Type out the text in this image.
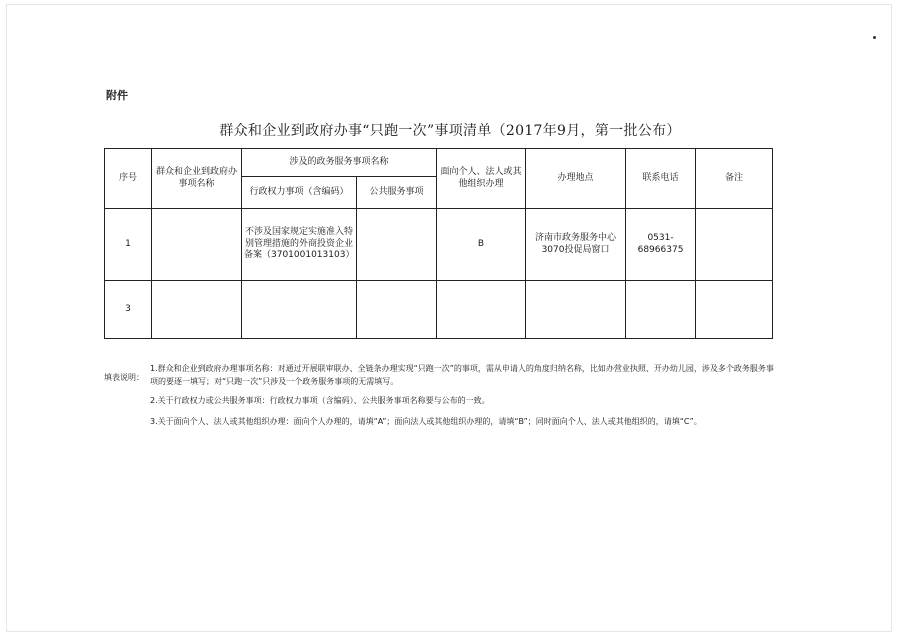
附件
群众和企业到政府办事“只跑一次”事项清单（2017年9月，第一批公布）
序号	群众和企业到政府办事项名称	涉及的政务服务事项名称		面向个人、法人或其他组织办理	办理地点	联系电话	备注
		行政权力事项（含编码）	公共服务事项				
1		不涉及国家规定实施准入特别管理措施的外商投资企业备案（3701001013103）		B	济南市政务服务中心3070投促局窗口	0531-68966375	
3							
填表说明：
1.群众和企业到政府办理事项名称：对通过开展联审联办、全链条办理实现“只跑一次”的事项，需从申请人的角度归纳名称，比如办营业执照、开办幼儿园，涉及多个政务服务事项的要逐一填写；对“只跑一次”只涉及一个政务服务事项的无需填写。
2.关于行政权力或公共服务事项：行政权力事项（含编码）、公共服务事项名称要与公布的一致。
3.关于面向个人、法人或其他组织办理：面向个人办理的，请填“A”；面向法人或其他组织办理的，请填“B”；同时面向个人、法人或其他组织的，请填“C”。
